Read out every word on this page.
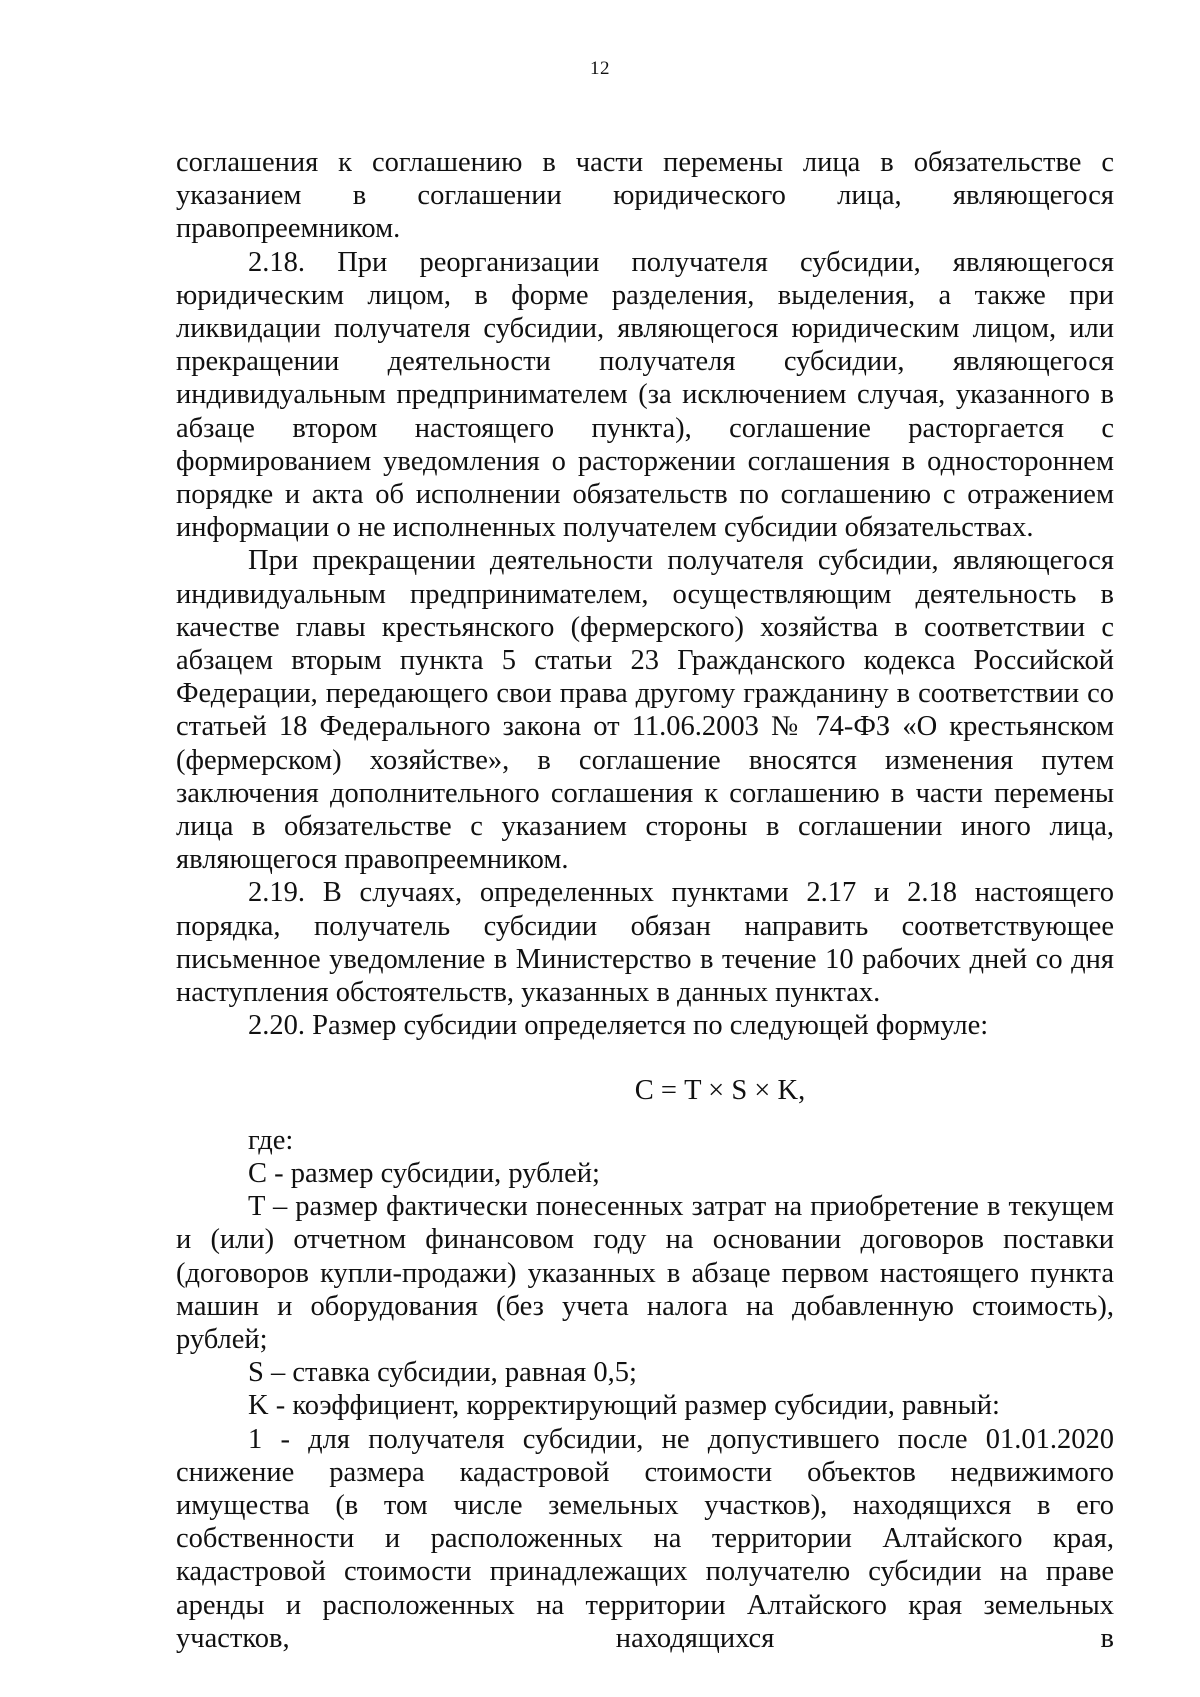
12

соглашения к соглашению в части перемены лица в обязательстве с указанием в соглашении юридического лица, являющегося правопреемником.

2.18. При реорганизации получателя субсидии, являющегося юридическим лицом, в форме разделения, выделения, а также при ликвидации получателя субсидии, являющегося юридическим лицом, или прекращении деятельности получателя субсидии, являющегося индивидуальным предпринимателем (за исключением случая, указанного в абзаце втором настоящего пункта), соглашение расторгается с формированием уведомления о расторжении соглашения в одностороннем порядке и акта об исполнении обязательств по соглашению с отражением информации о не исполненных получателем субсидии обязательствах.

При прекращении деятельности получателя субсидии, являющегося индивидуальным предпринимателем, осуществляющим деятельность в качестве главы крестьянского (фермерского) хозяйства в соответствии с абзацем вторым пункта 5 статьи 23 Гражданского кодекса Российской Федерации, передающего свои права другому гражданину в соответствии со статьей 18 Федерального закона от 11.06.2003 № 74-ФЗ «О крестьянском (фермерском) хозяйстве», в соглашение вносятся изменения путем заключения дополнительного соглашения к соглашению в части перемены лица в обязательстве с указанием стороны в соглашении иного лица, являющегося правопреемником.

2.19. В случаях, определенных пунктами 2.17 и 2.18 настоящего порядка, получатель субсидии обязан направить соответствующее письменное уведомление в Министерство в течение 10 рабочих дней со дня наступления обстоятельств, указанных в данных пунктах.

2.20. Размер субсидии определяется по следующей формуле:

С = T × S × K,

где:

С - размер субсидии, рублей;

T – размер фактически понесенных затрат на приобретение в текущем и (или) отчетном финансовом году на основании договоров поставки (договоров купли-продажи) указанных в абзаце первом настоящего пункта машин и оборудования (без учета налога на добавленную стоимость), рублей;

S – ставка субсидии, равная 0,5;

K - коэффициент, корректирующий размер субсидии, равный:

1 - для получателя субсидии, не допустившего после 01.01.2020 снижение размера кадастровой стоимости объектов недвижимого имущества (в том числе земельных участков), находящихся в его собственности и расположенных на территории Алтайского края, кадастровой стоимости принадлежащих получателю субсидии на праве аренды и расположенных на территории Алтайского края земельных участков, находящихся в
